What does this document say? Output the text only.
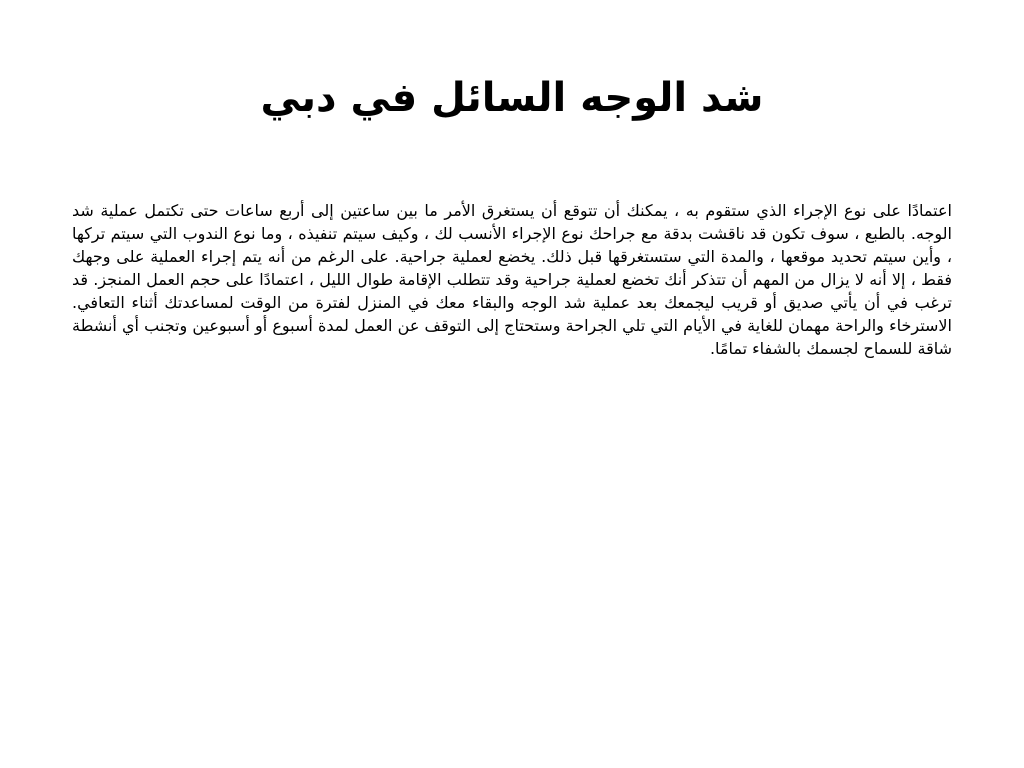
شد الوجه السائل في دبي

اعتمادًا على نوع الإجراء الذي ستقوم به ، يمكنك أن تتوقع أن يستغرق الأمر ما بين ساعتين إلى أربع ساعات حتى تكتمل عملية شد الوجه. بالطبع ، سوف تكون قد ناقشت بدقة مع جراحك نوع الإجراء الأنسب لك ، وكيف سيتم تنفيذه ، وما نوع الندوب التي سيتم تركها ، وأين سيتم تحديد موقعها ، والمدة التي ستستغرقها قبل ذلك. يخضع لعملية جراحية. على الرغم من أنه يتم إجراء العملية على وجهك فقط ، إلا أنه لا يزال من المهم أن تتذكر أنك تخضع لعملية جراحية وقد تتطلب الإقامة طوال الليل ، اعتمادًا على حجم العمل المنجز. قد ترغب في أن يأتي صديق أو قريب ليجمعك بعد عملية شد الوجه والبقاء معك في المنزل لفترة من الوقت لمساعدتك أثناء التعافي. الاسترخاء والراحة مهمان للغاية في الأيام التي تلي الجراحة وستحتاج إلى التوقف عن العمل لمدة أسبوع أو أسبوعين وتجنب أي أنشطة شاقة للسماح لجسمك بالشفاء تمامًا.
